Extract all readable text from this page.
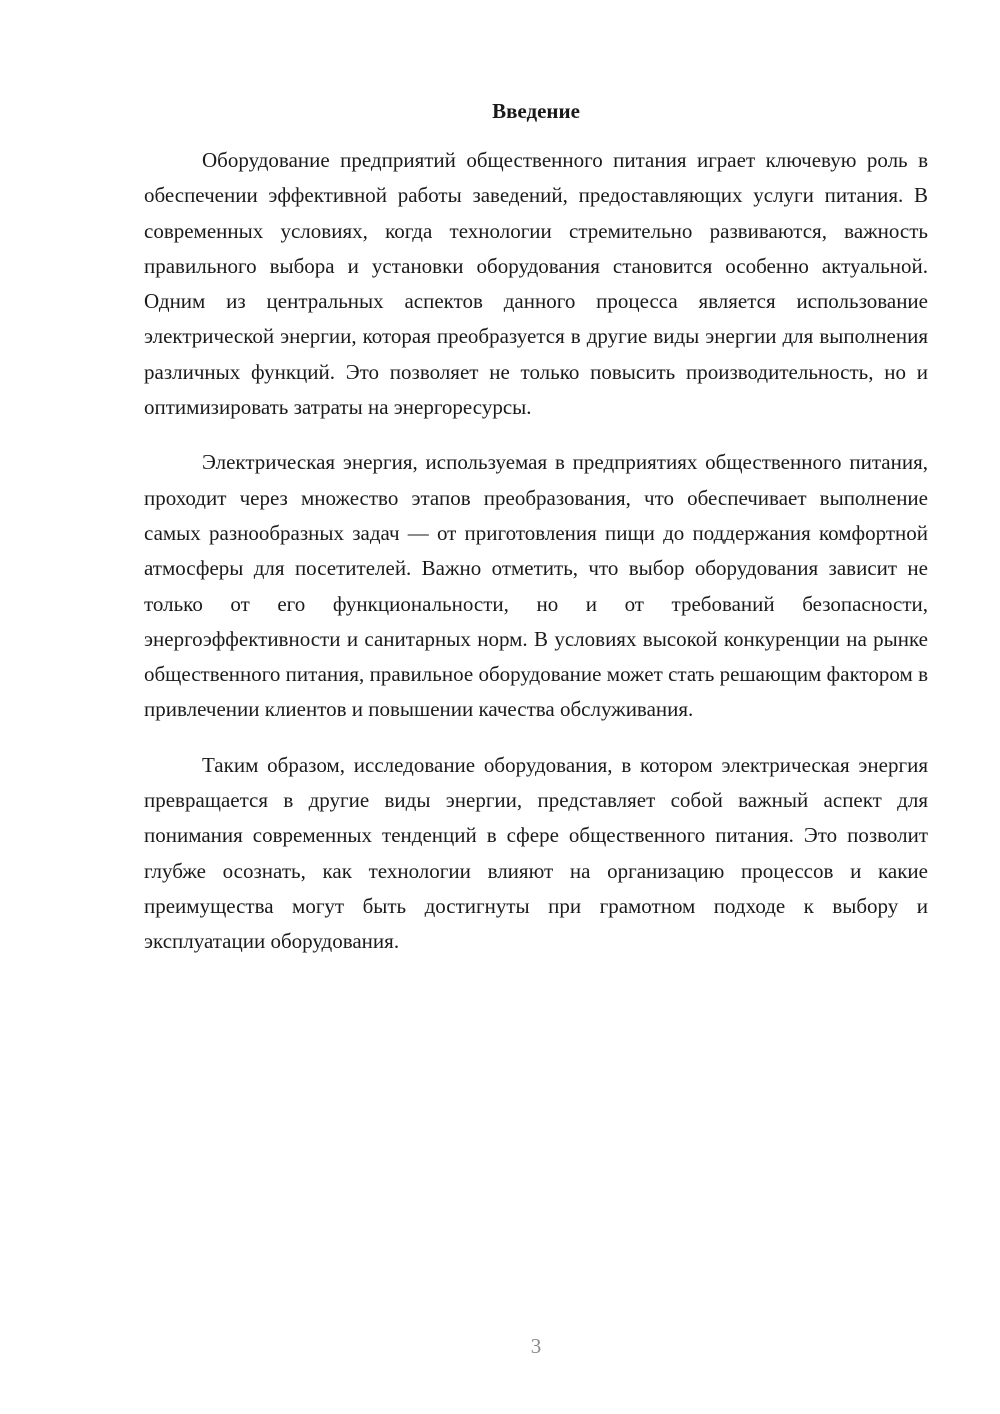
Введение

Оборудование предприятий общественного питания играет ключевую роль в обеспечении эффективной работы заведений, предоставляющих услуги питания. В современных условиях, когда технологии стремительно развиваются, важность правильного выбора и установки оборудования становится особенно актуальной. Одним из центральных аспектов данного процесса является использование электрической энергии, которая преобразуется в другие виды энергии для выполнения различных функций. Это позволяет не только повысить производительность, но и оптимизировать затраты на энергоресурсы.

Электрическая энергия, используемая в предприятиях общественного питания, проходит через множество этапов преобразования, что обеспечивает выполнение самых разнообразных задач — от приготовления пищи до поддержания комфортной атмосферы для посетителей. Важно отметить, что выбор оборудования зависит не только от его функциональности, но и от требований безопасности, энергоэффективности и санитарных норм. В условиях высокой конкуренции на рынке общественного питания, правильное оборудование может стать решающим фактором в привлечении клиентов и повышении качества обслуживания.

Таким образом, исследование оборудования, в котором электрическая энергия превращается в другие виды энергии, представляет собой важный аспект для понимания современных тенденций в сфере общественного питания. Это позволит глубже осознать, как технологии влияют на организацию процессов и какие преимущества могут быть достигнуты при грамотном подходе к выбору и эксплуатации оборудования.

3
